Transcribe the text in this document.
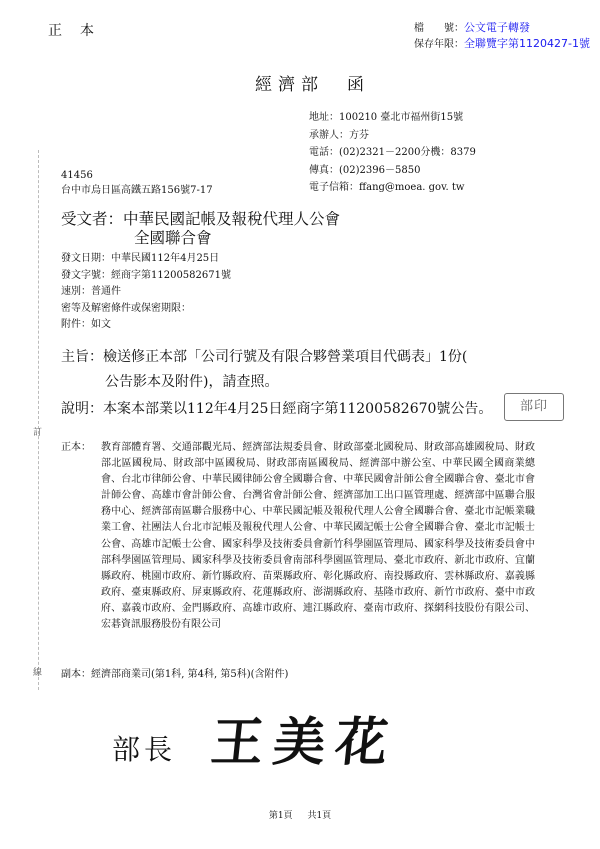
正　本	檔　　號：公文電子轉發
保存年限：全聯覽字第1120427-1號
經濟部　函
地址：100210 臺北市福州街15號
承辦人：方芬
電話：(02)2321－2200分機：8379
傳真：(02)2396－5850
電子信箱：ffang@moea. gov. tw
41456
台中市烏日區高鐵五路156號7-17
受文者：中華民國記帳及報稅代理人公會
全國聯合會
發文日期：中華民國112年4月25日
發文字號：經商字第11200582671號
速別：普通件
密等及解密條件或保密期限：
附件：如文
主旨：檢送修正本部「公司行號及有限合夥營業項目代碼表」1份(
公告影本及附件)，請查照。
說明：本案本部業以112年4月25日經商字第11200582670號公告。	部印
正本：	教育部體育署、交通部觀光局、經濟部法規委員會、財政部臺北國稅局、財政部高雄國稅局、財政部北區國稅局、財政部中區國稅局、財政部南區國稅局、經濟部中辦公室、中華民國全國商業總會、台北市律師公會、中華民國律師公會全國聯合會、中華民國會計師公會全國聯合會、臺北市會計師公會、高雄市會計師公會、台灣省會計師公會、經濟部加工出口區管理處、經濟部中區聯合服務中心、經濟部南區聯合服務中心、中華民國記帳及報稅代理人公會全國聯合會、臺北市記帳業職業工會、社團法人台北市記帳及報稅代理人公會、中華民國記帳士公會全國聯合會、臺北市記帳士公會、高雄市記帳士公會、國家科學及技術委員會新竹科學園區管理局、國家科學及技術委員會中部科學園區管理局、國家科學及技術委員會南部科學園區管理局、臺北市政府、新北市政府、宜蘭縣政府、桃園市政府、新竹縣政府、苗栗縣政府、彰化縣政府、南投縣政府、雲林縣政府、嘉義縣政府、臺東縣政府、屏東縣政府、花蓮縣政府、澎湖縣政府、基隆市政府、新竹市政府、臺中市政府、嘉義市政府、金門縣政府、高雄市政府、連江縣政府、臺南市政府、探網科技股份有限公司、宏碁資訊服務股份有限公司
副本：經濟部商業司(第1科, 第4科, 第5科)(含附件)
部長 王美花
第1頁 共1頁
訂
線
